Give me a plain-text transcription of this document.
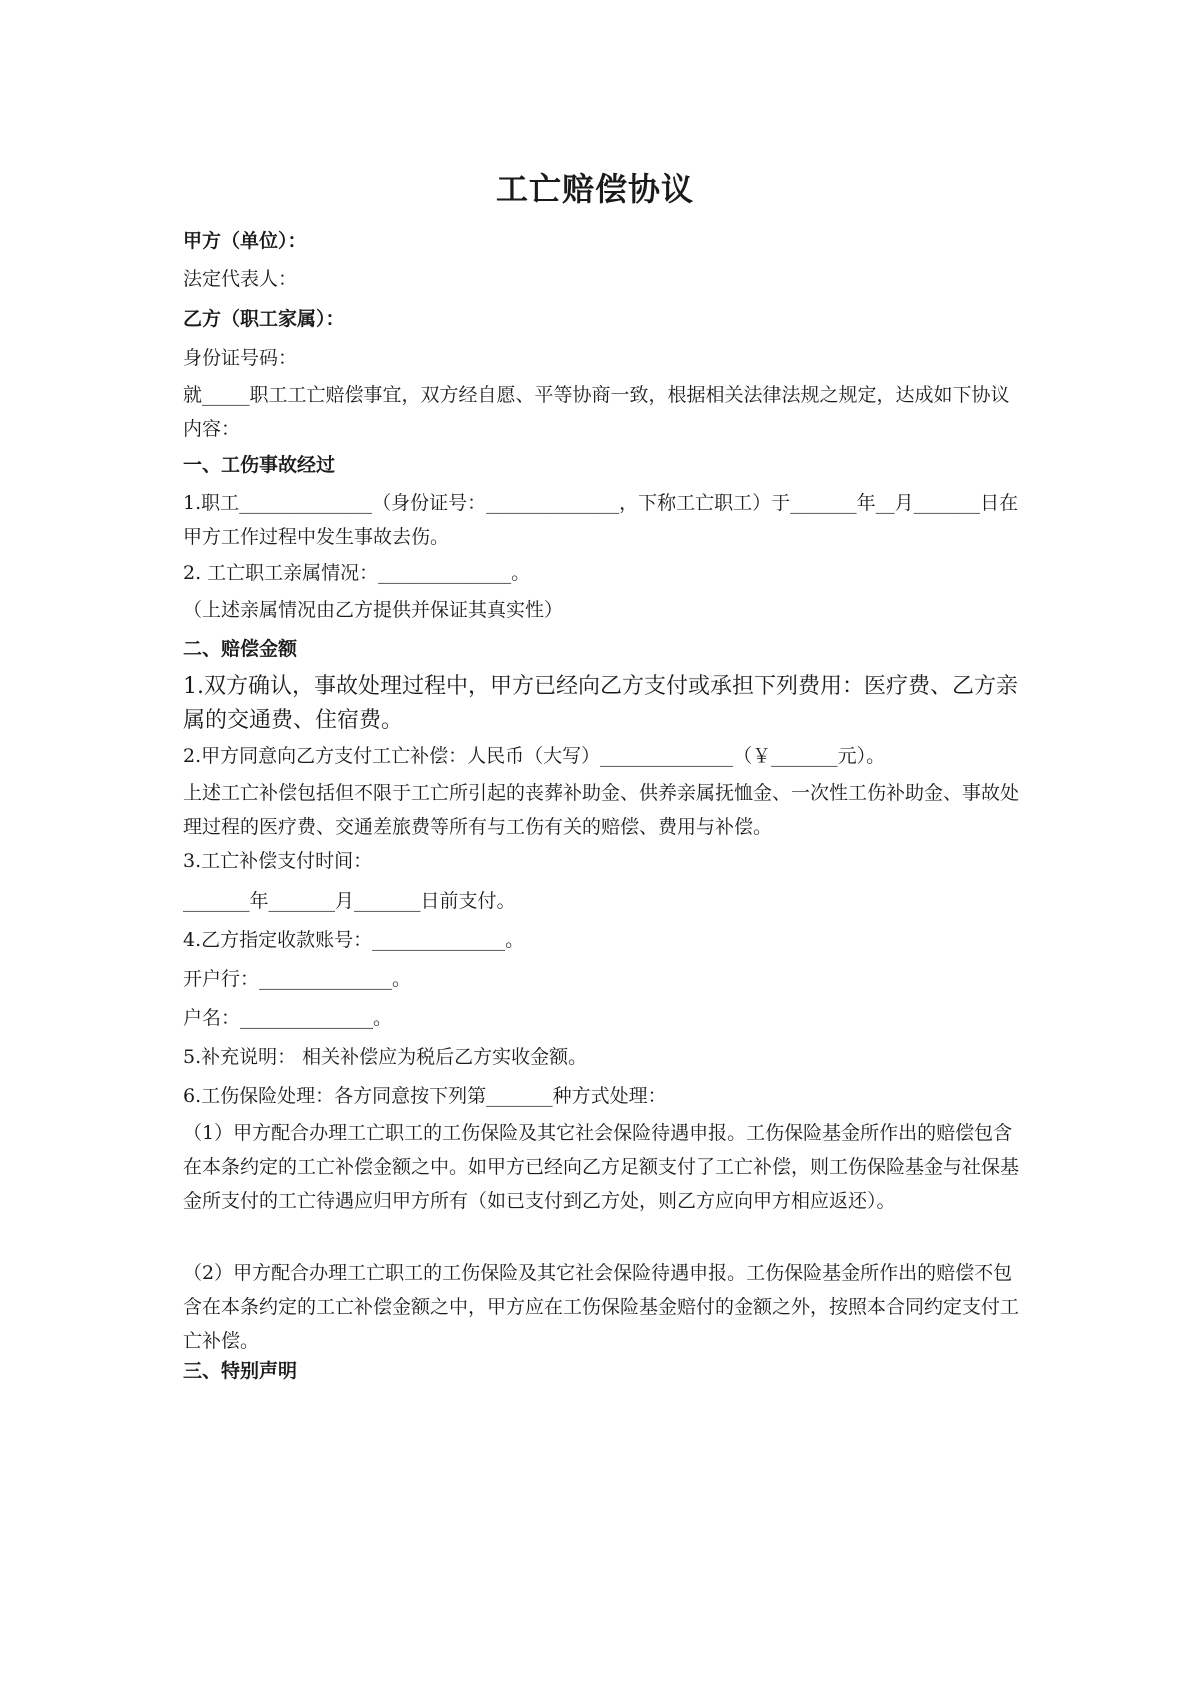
工亡赔偿协议
甲方（单位）：
法定代表人：
乙方（职工家属）：
身份证号码：
就_____职工工亡赔偿事宜，双方经自愿、平等协商一致，根据相关法律法规之规定，达成如下协议内容：
一、工伤事故经过
1.职工______________（身份证号：______________，下称工亡职工）于_______年__月_______日在甲方工作过程中发生事故去伤。
2. 工亡职工亲属情况：______________。
（上述亲属情况由乙方提供并保证其真实性）
二、赔偿金额
1.双方确认，事故处理过程中，甲方已经向乙方支付或承担下列费用：医疗费、乙方亲属的交通费、住宿费。
2.甲方同意向乙方支付工亡补偿：人民币（大写）______________（￥_______元）。
上述工亡补偿包括但不限于工亡所引起的丧葬补助金、供养亲属抚恤金、一次性工伤补助金、事故处理过程的医疗费、交通差旅费等所有与工伤有关的赔偿、费用与补偿。
3.工亡补偿支付时间：
_______年_______月_______日前支付。
4.乙方指定收款账号：______________。
开户行：______________。
户名：______________。
5.补充说明： 相关补偿应为税后乙方实收金额。
6.工伤保险处理：各方同意按下列第_______种方式处理：
（1）甲方配合办理工亡职工的工伤保险及其它社会保险待遇申报。工伤保险基金所作出的赔偿包含在本条约定的工亡补偿金额之中。如甲方已经向乙方足额支付了工亡补偿，则工伤保险基金与社保基金所支付的工亡待遇应归甲方所有（如已支付到乙方处，则乙方应向甲方相应返还）。
（2）甲方配合办理工亡职工的工伤保险及其它社会保险待遇申报。工伤保险基金所作出的赔偿不包含在本条约定的工亡补偿金额之中，甲方应在工伤保险基金赔付的金额之外，按照本合同约定支付工亡补偿。
三、特别声明
